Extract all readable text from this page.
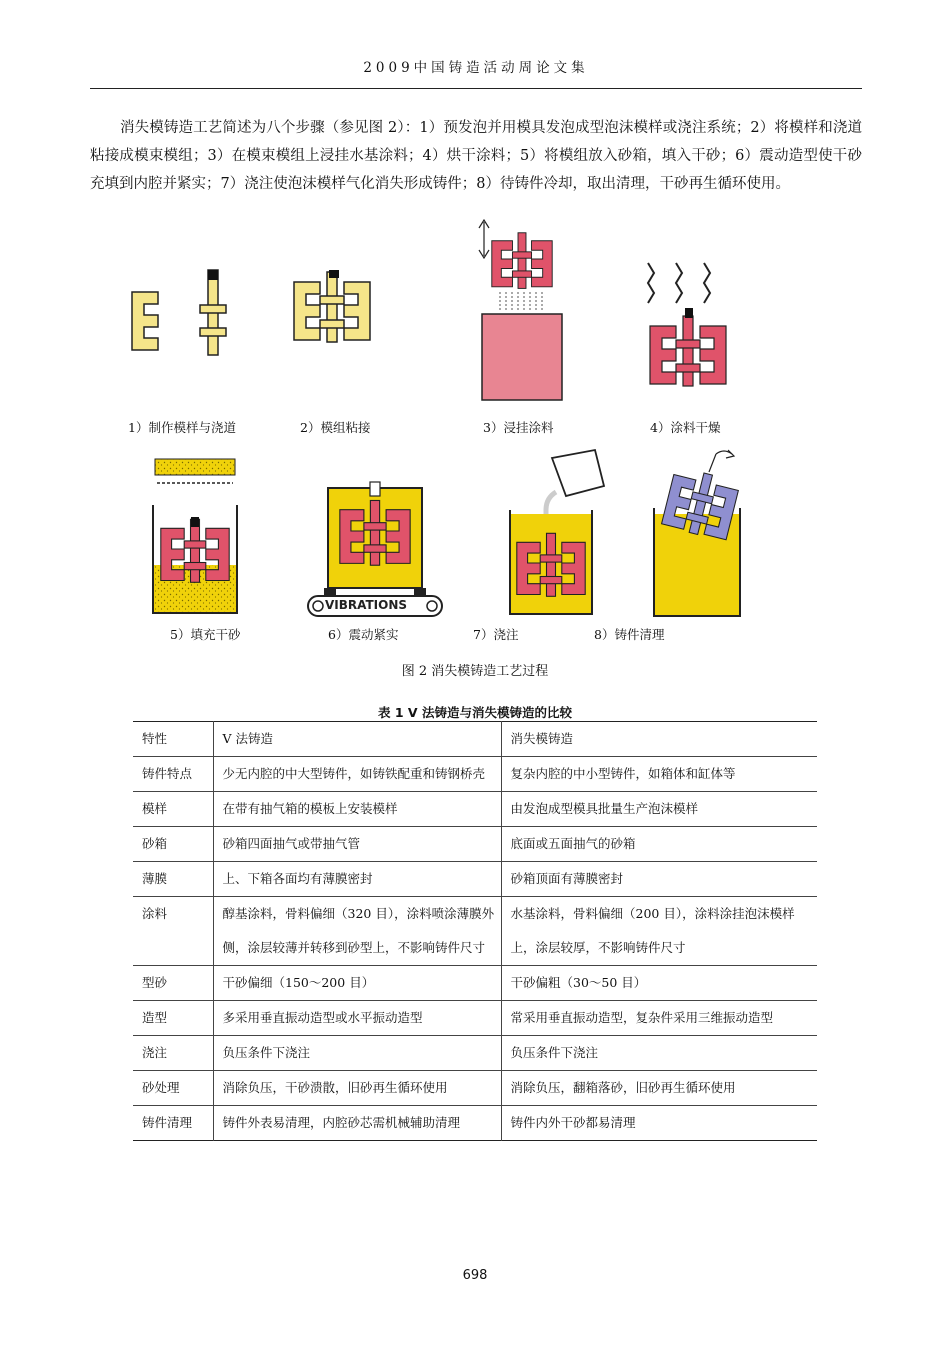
2009中国铸造活动周论文集
消失模铸造工艺简述为八个步骤（参见图 2）：1）预发泡并用模具发泡成型泡沫模样或浇注系统；2）将模样和浇道粘接成模束模组；3）在模束模组上浸挂水基涂料；4）烘干涂料；5）将模组放入砂箱，填入干砂；6）震动造型使干砂充填到内腔并紧实；7）浇注使泡沫模样气化消失形成铸件；8）待铸件冷却，取出清理，干砂再生循环使用。
VIBRATIONS
1）制作模样与浇道	2）模组粘接	3）浸挂涂料	4）涂料干燥
5）填充干砂	6）震动紧实	7）浇注	8）铸件清理
图 2 消失模铸造工艺过程
表 1 V 法铸造与消失模铸造的比较
特性	V 法铸造	消失模铸造
铸件特点	少无内腔的中大型铸件，如铸铁配重和铸钢桥壳	复杂内腔的中小型铸件，如箱体和缸体等
模样	在带有抽气箱的模板上安装模样	由发泡成型模具批量生产泡沫模样
砂箱	砂箱四面抽气或带抽气管	底面或五面抽气的砂箱
薄膜	上、下箱各面均有薄膜密封	砂箱顶面有薄膜密封
涂料	醇基涂料，骨料偏细（320 目），涂料喷涂薄膜外侧，涂层较薄并转移到砂型上，不影响铸件尺寸	水基涂料，骨料偏细（200 目），涂料涂挂泡沫模样上，涂层较厚，不影响铸件尺寸
型砂	干砂偏细（150～200 目）	干砂偏粗（30～50 目）
造型	多采用垂直振动造型或水平振动造型	常采用垂直振动造型，复杂件采用三维振动造型
浇注	负压条件下浇注	负压条件下浇注
砂处理	消除负压，干砂溃散，旧砂再生循环使用	消除负压，翻箱落砂，旧砂再生循环使用
铸件清理	铸件外表易清理，内腔砂芯需机械辅助清理	铸件内外干砂都易清理
698
